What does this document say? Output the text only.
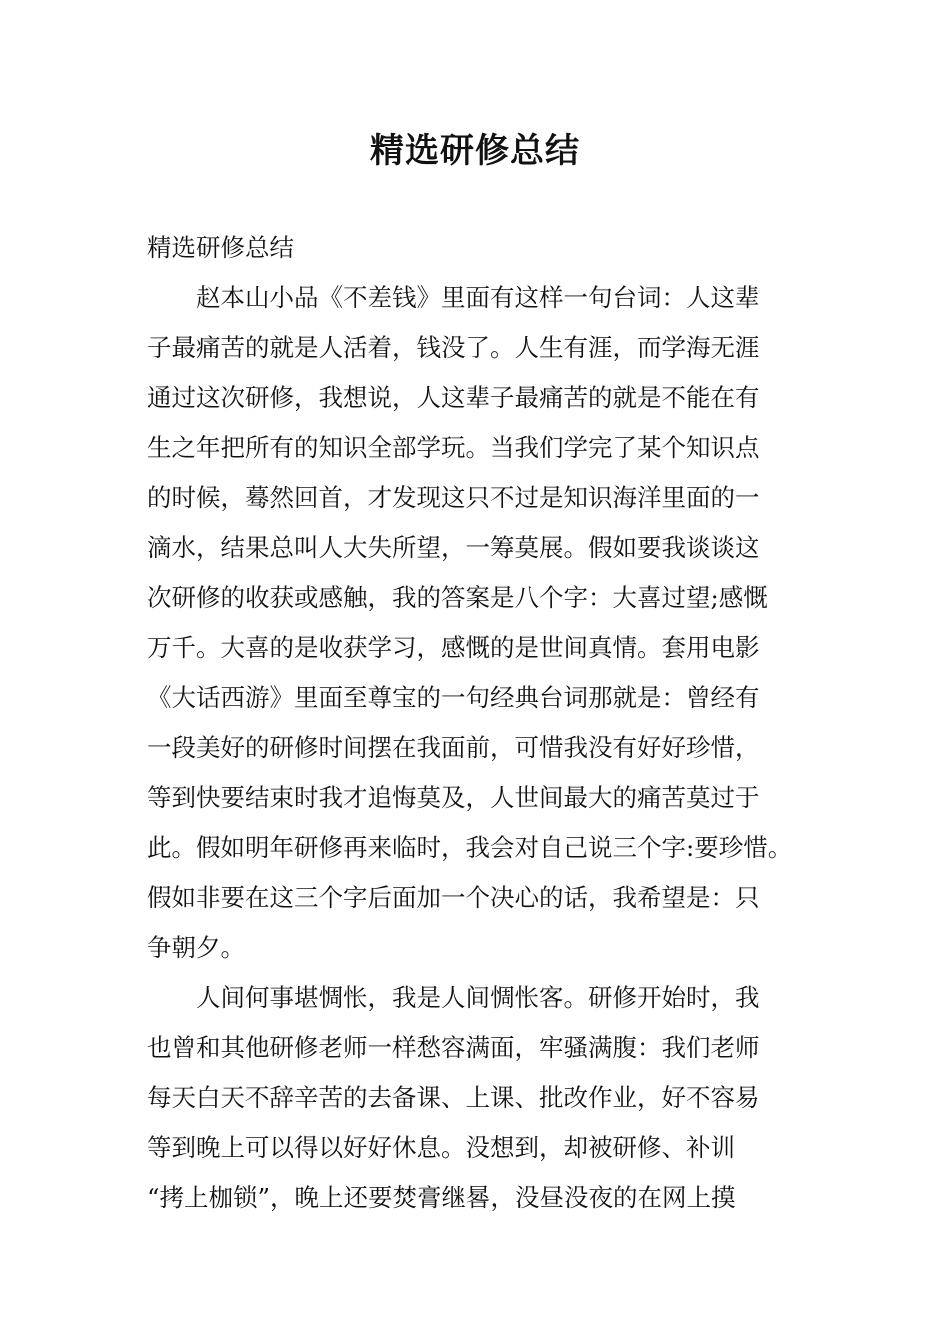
精选研修总结

精选研修总结

赵本山小品《不差钱》里面有这样一句台词：人这辈

子最痛苦的就是人活着，钱没了。人生有涯，而学海无涯

通过这次研修，我想说，人这辈子最痛苦的就是不能在有

生之年把所有的知识全部学玩。当我们学完了某个知识点

的时候，蓦然回首，才发现这只不过是知识海洋里面的一

滴水，结果总叫人大失所望，一筹莫展。假如要我谈谈这

次研修的收获或感触，我的答案是八个字：大喜过望;感慨

万千。大喜的是收获学习，感慨的是世间真情。套用电影

《大话西游》里面至尊宝的一句经典台词那就是：曾经有

一段美好的研修时间摆在我面前，可惜我没有好好珍惜，

等到快要结束时我才追悔莫及，人世间最大的痛苦莫过于

此。假如明年研修再来临时，我会对自己说三个字:要珍惜。

假如非要在这三个字后面加一个决心的话，我希望是：只

争朝夕。

人间何事堪惆怅，我是人间惆怅客。研修开始时，我

也曾和其他研修老师一样愁容满面，牢骚满腹：我们老师

每天白天不辞辛苦的去备课、上课、批改作业，好不容易

等到晚上可以得以好好休息。没想到，却被研修、补训

“拷上枷锁”，晚上还要焚膏继晷，没昼没夜的在网上摸
